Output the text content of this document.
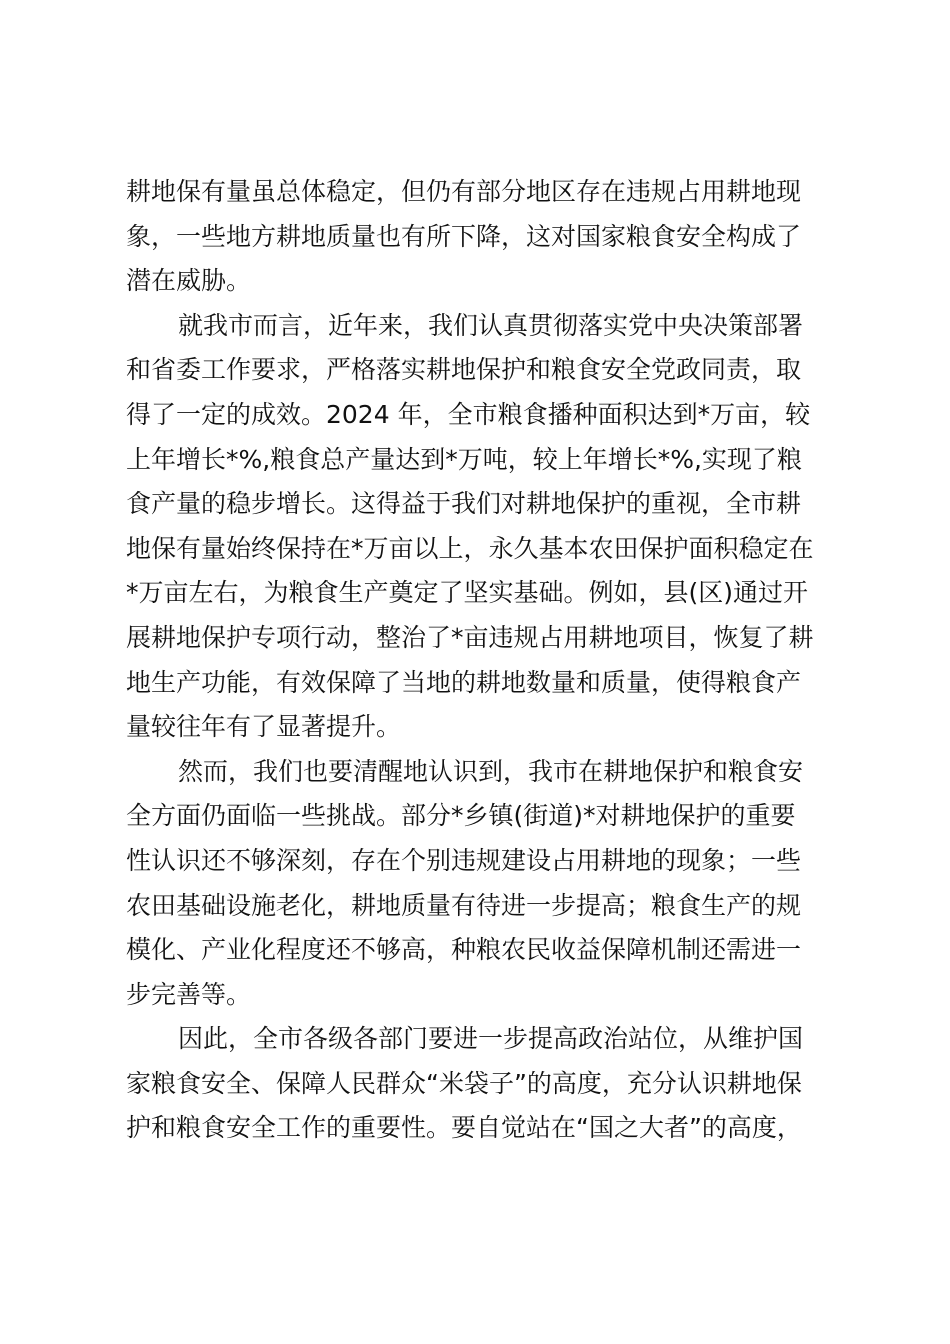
耕地保有量虽总体稳定，但仍有部分地区存在违规占用耕地现
象，一些地方耕地质量也有所下降，这对国家粮食安全构成了
潜在威胁。
就我市而言，近年来，我们认真贯彻落实党中央决策部署
和省委工作要求，严格落实耕地保护和粮食安全党政同责，取
得了一定的成效。2024 年，全市粮食播种面积达到*万亩，较
上年增长*%,粮食总产量达到*万吨，较上年增长*%,实现了粮
食产量的稳步增长。这得益于我们对耕地保护的重视，全市耕
地保有量始终保持在*万亩以上，永久基本农田保护面积稳定在
*万亩左右，为粮食生产奠定了坚实基础。例如，县(区)通过开
展耕地保护专项行动，整治了*亩违规占用耕地项目，恢复了耕
地生产功能，有效保障了当地的耕地数量和质量，使得粮食产
量较往年有了显著提升。
然而，我们也要清醒地认识到，我市在耕地保护和粮食安
全方面仍面临一些挑战。部分*乡镇(街道)*对耕地保护的重要
性认识还不够深刻，存在个别违规建设占用耕地的现象；一些
农田基础设施老化，耕地质量有待进一步提高；粮食生产的规
模化、产业化程度还不够高，种粮农民收益保障机制还需进一
步完善等。
因此，全市各级各部门要进一步提高政治站位，从维护国
家粮食安全、保障人民群众“米袋子”的高度，充分认识耕地保
护和粮食安全工作的重要性。要自觉站在“国之大者”的高度，
